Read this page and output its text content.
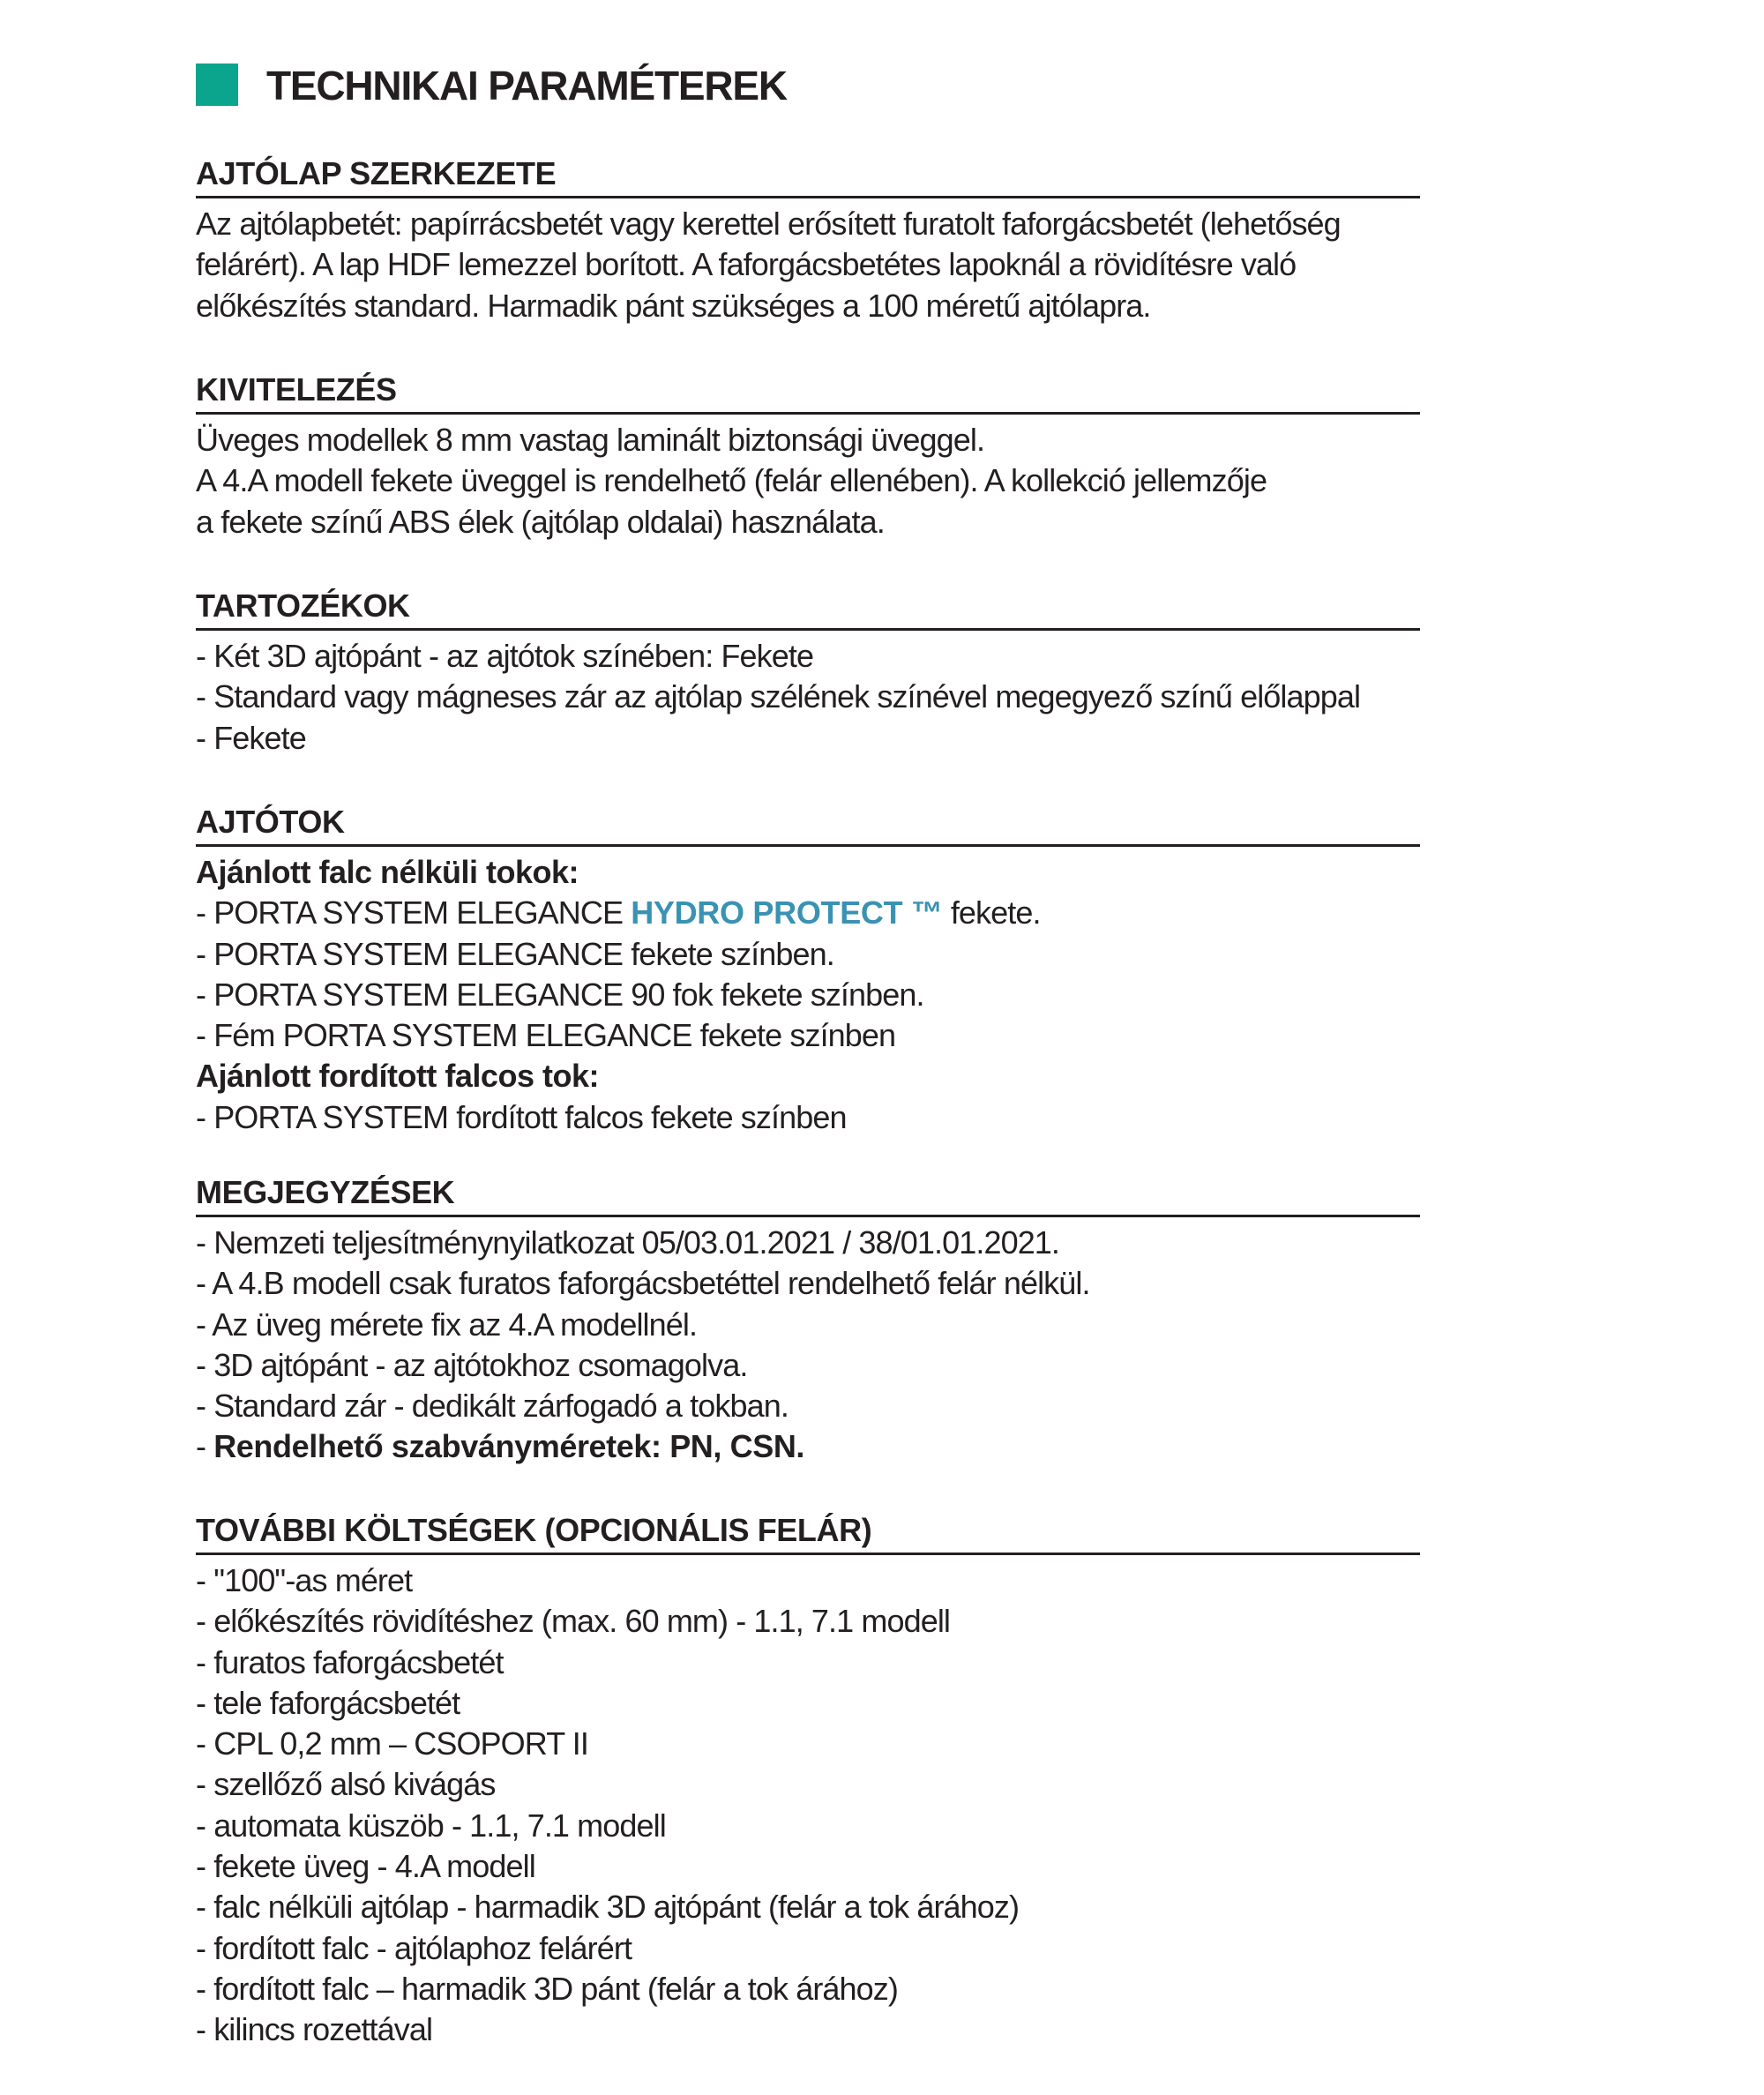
TECHNIKAI PARAMÉTEREK
AJTÓLAP SZERKEZETE
Az ajtólapbetét: papírrácsbetét vagy kerettel erősített furatolt faforgácsbetét (lehetőség
felárért). A lap HDF lemezzel borított. A faforgácsbetétes lapoknál a rövidítésre való
előkészítés standard. Harmadik pánt szükséges a 100 méretű ajtólapra.
KIVITELEZÉS
Üveges modellek 8 mm vastag laminált biztonsági üveggel.
A 4.A modell fekete üveggel is rendelhető (felár ellenében). A kollekció jellemzője
a fekete színű ABS élek (ajtólap oldalai) használata.
TARTOZÉKOK
- Két 3D ajtópánt - az ajtótok színében: Fekete
- Standard vagy mágneses zár az ajtólap szélének színével megegyező színű előlappal
- Fekete
AJTÓTOK
Ajánlott falc nélküli tokok:
- PORTA SYSTEM ELEGANCE HYDRO PROTECT ™ fekete.
- PORTA SYSTEM ELEGANCE fekete színben.
- PORTA SYSTEM ELEGANCE 90 fok fekete színben.
- Fém PORTA SYSTEM ELEGANCE fekete színben
Ajánlott fordított falcos tok:
- PORTA SYSTEM fordított falcos fekete színben
MEGJEGYZÉSEK
- Nemzeti teljesítménynyilatkozat 05/03.01.2021 / 38/01.01.2021.
- A 4.B modell csak furatos faforgácsbetéttel rendelhető felár nélkül.
- Az üveg mérete fix az 4.A modellnél.
- 3D ajtópánt - az ajtótokhoz csomagolva.
- Standard zár - dedikált zárfogadó a tokban.
- Rendelhető szabványméretek: PN, CSN.
TOVÁBBI KÖLTSÉGEK (OPCIONÁLIS FELÁR)
- "100"-as méret
- előkészítés rövidítéshez (max. 60 mm) - 1.1, 7.1 modell
- furatos faforgácsbetét
- tele faforgácsbetét
- CPL 0,2 mm – CSOPORT II
- szellőző alsó kivágás
- automata küszöb - 1.1, 7.1 modell
- fekete üveg - 4.A modell
- falc nélküli ajtólap - harmadik 3D ajtópánt (felár a tok árához)
- fordított falc - ajtólaphoz felárért
- fordított falc – harmadik 3D pánt (felár a tok árához)
- kilincs rozettával
